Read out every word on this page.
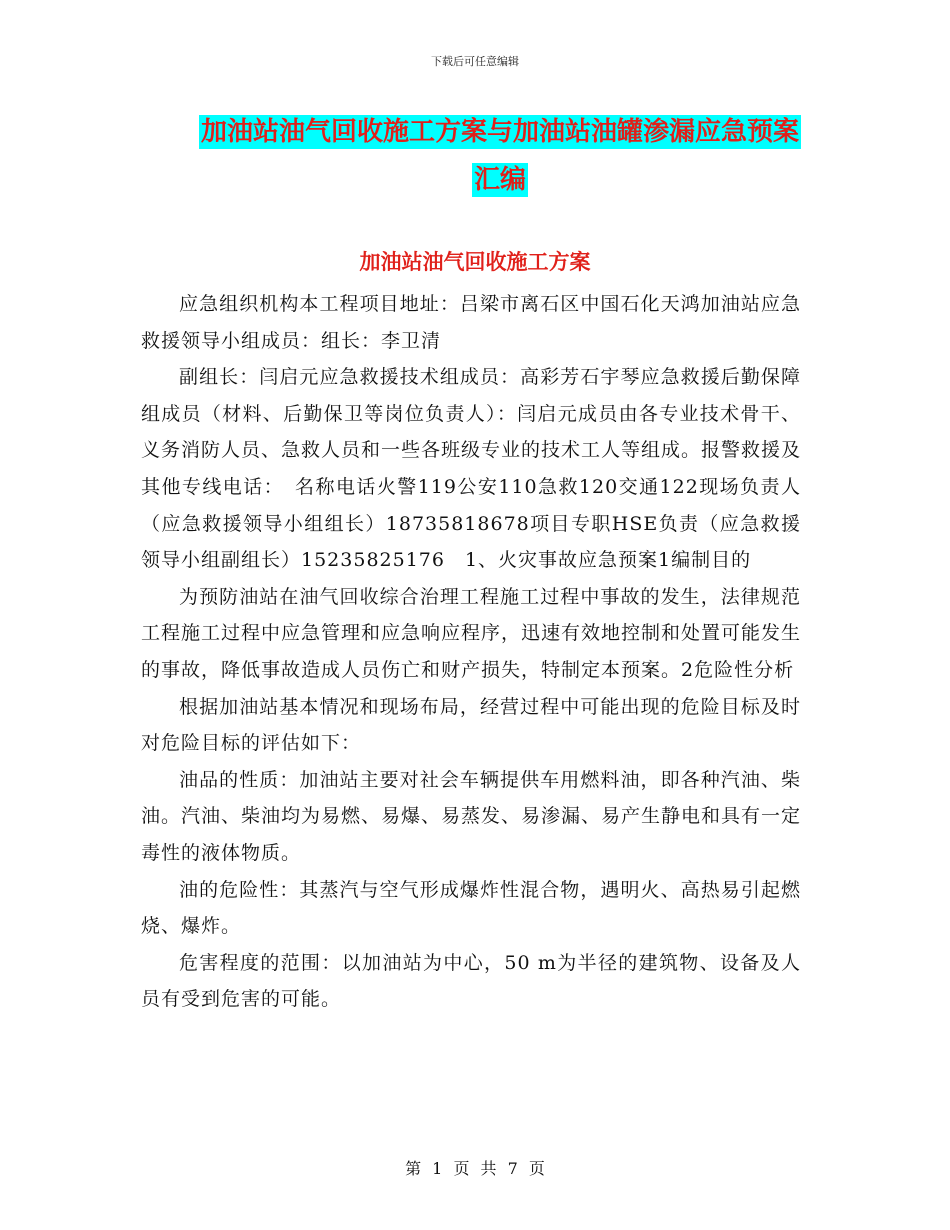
下载后可任意编辑
加油站油气回收施工方案与加油站油罐渗漏应急预案
汇编
加油站油气回收施工方案

应急组织机构本工程项目地址：吕梁市离石区中国石化天鸿加油站应急救援领导小组成员：组长：李卫清

副组长：闫启元应急救援技术组成员：高彩芳石宇琴应急救援后勤保障组成员（材料、后勤保卫等岗位负责人）：闫启元成员由各专业技术骨干、义务消防人员、急救人员和一些各班级专业的技术工人等组成。报警救援及其他专线电话：　名称电话火警119公安110急救120交通122现场负责人（应急救援领导小组组长）18735818678项目专职HSE负责（应急救援领导小组副组长）15235825176　1、火灾事故应急预案1编制目的

为预防油站在油气回收综合治理工程施工过程中事故的发生，法律规范工程施工过程中应急管理和应急响应程序，迅速有效地控制和处置可能发生的事故，降低事故造成人员伤亡和财产损失，特制定本预案。2危险性分析

根据加油站基本情况和现场布局，经营过程中可能出现的危险目标及时对危险目标的评估如下：

油品的性质：加油站主要对社会车辆提供车用燃料油，即各种汽油、柴油。汽油、柴油均为易燃、易爆、易蒸发、易渗漏、易产生静电和具有一定毒性的液体物质。

油的危险性：其蒸汽与空气形成爆炸性混合物，遇明火、高热易引起燃烧、爆炸。

危害程度的范围：以加油站为中心，50 m为半径的建筑物、设备及人员有受到危害的可能。

第 1 页 共 7 页
